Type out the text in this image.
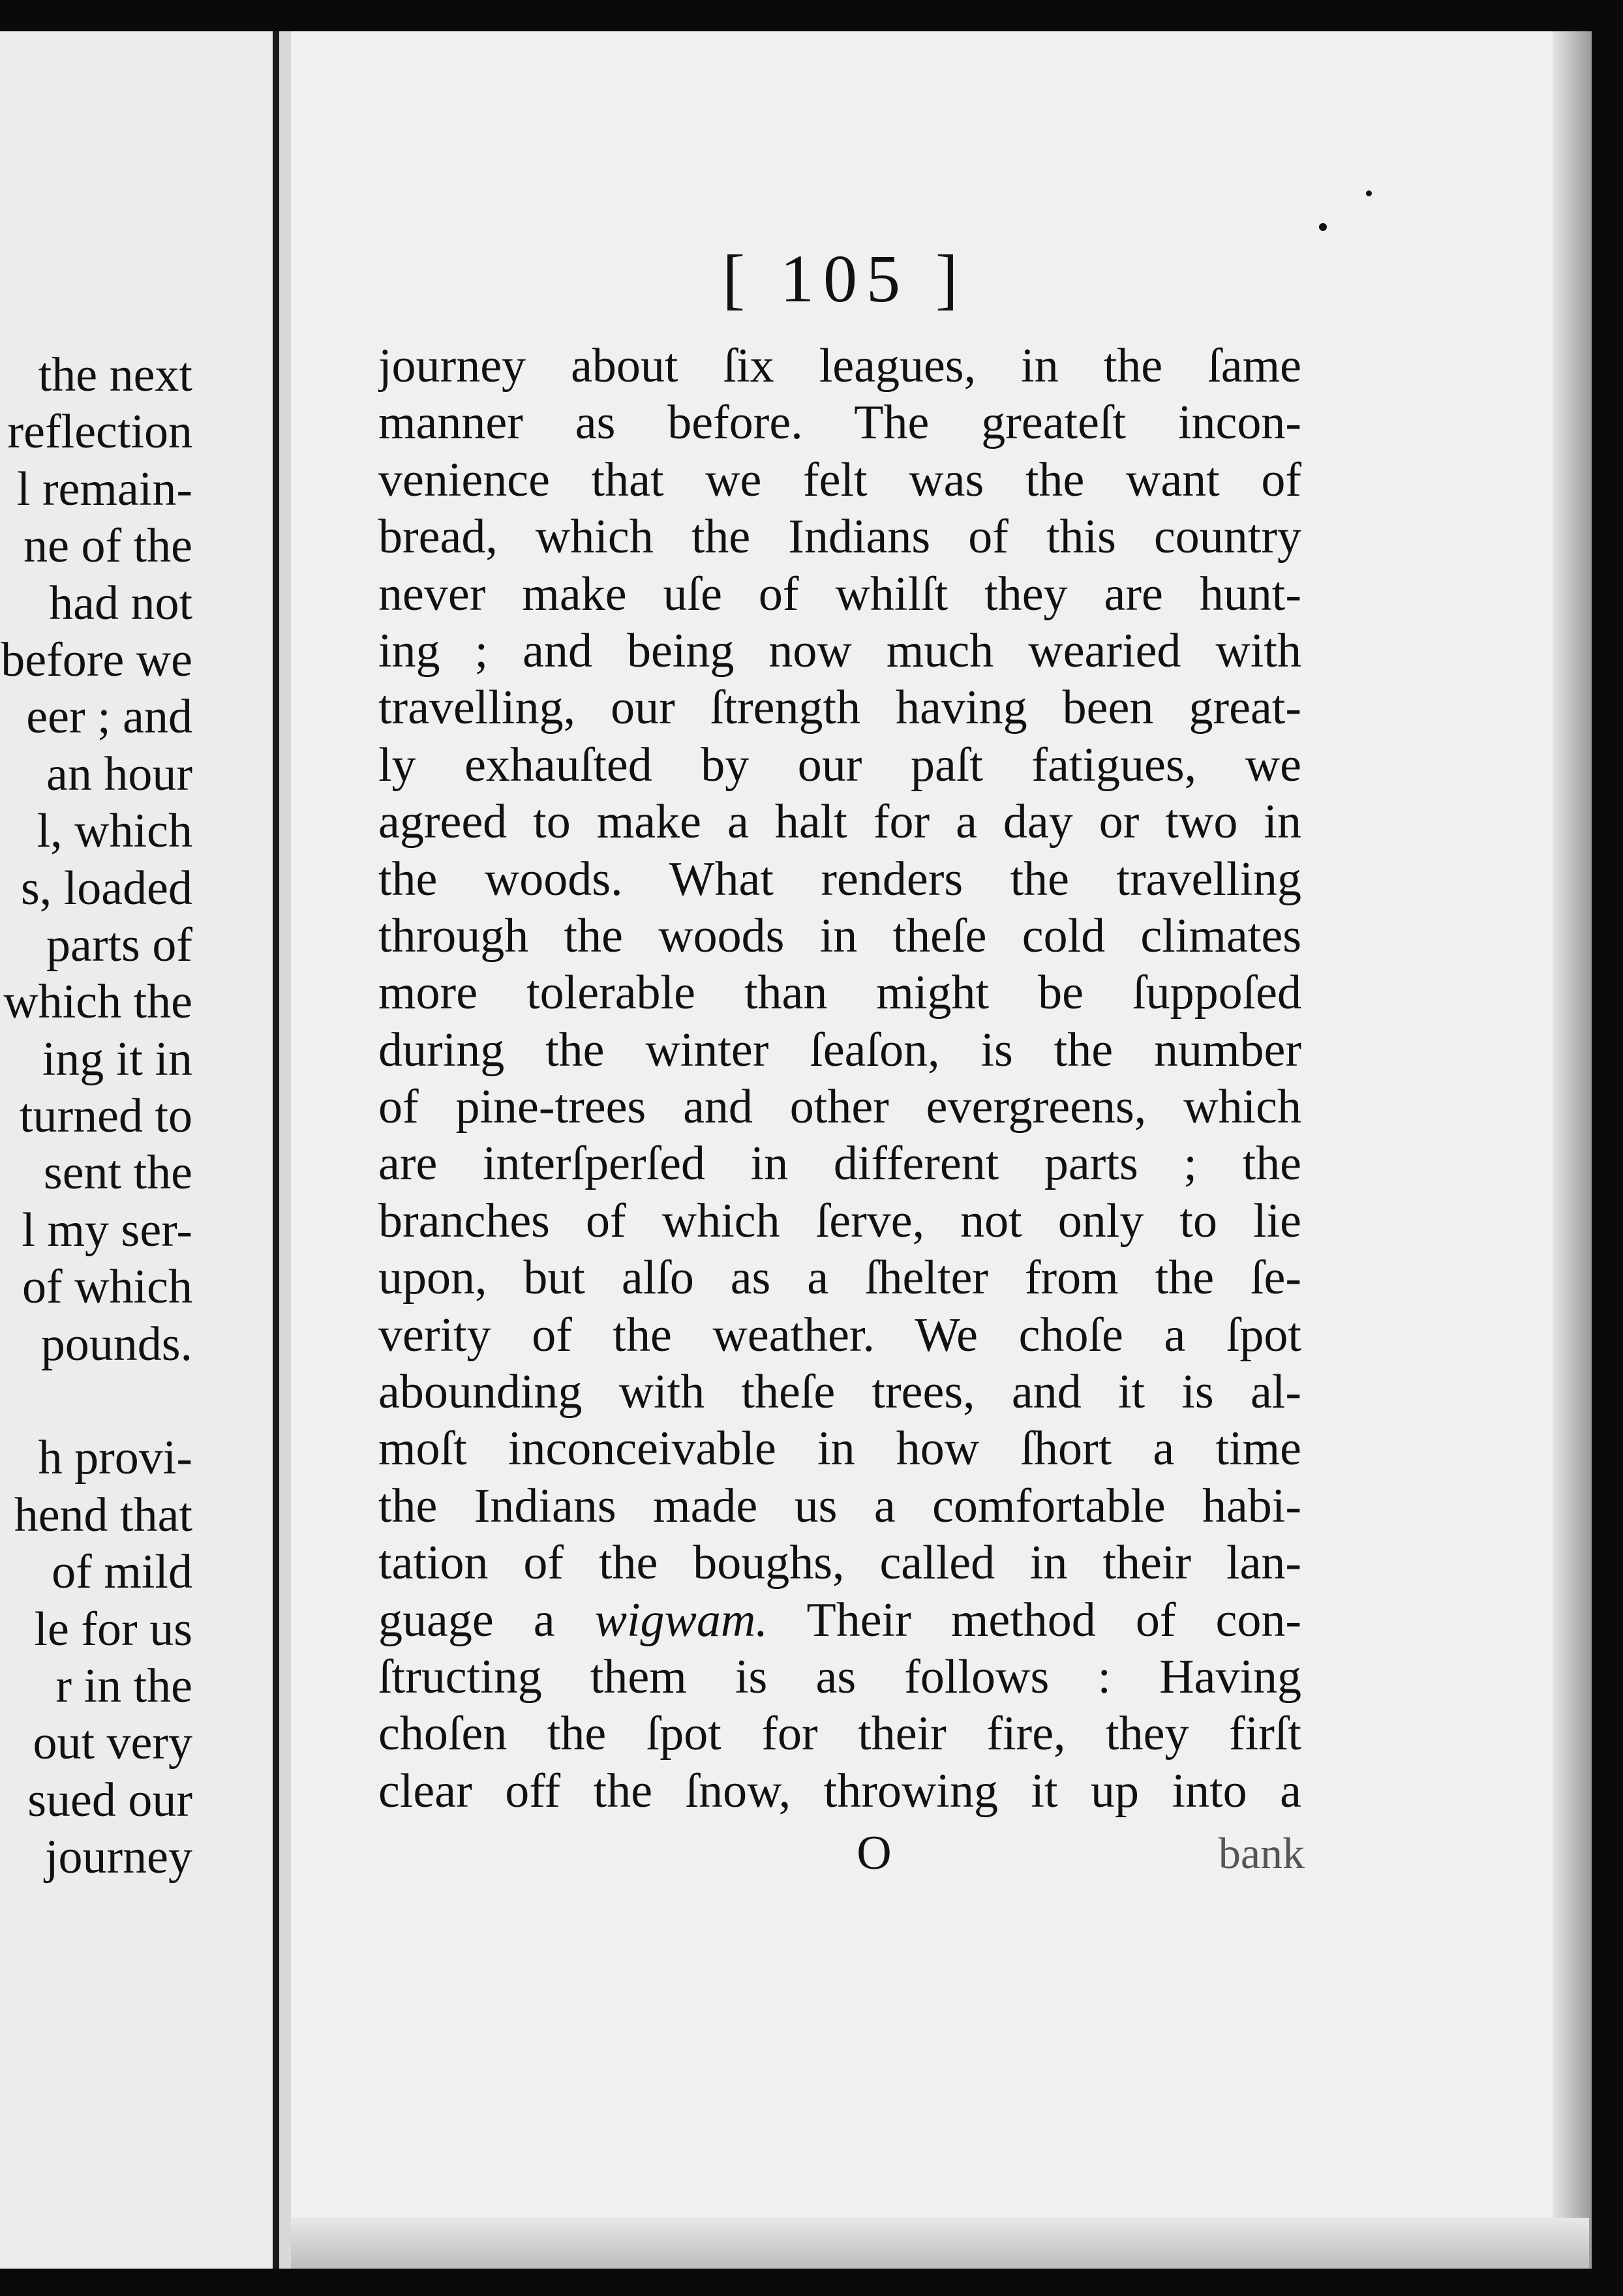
the next
reflection
l remain-
ne of the
had not
before we
eer ; and
an hour
l, which
s, loaded
parts of
which the
ing it in
turned to
sent the
l my ser-
of which
pounds.
h provi-
hend that
of mild
le for us
r in the
out very
sued our
journey
[ 105 ]
journey about ſix leagues, in the ſame
manner as before. The greateſt incon-
venience that we felt was the want of
bread, which the Indians of this country
never make uſe of whilſt they are hunt-
ing ; and being now much wearied with
travelling, our ſtrength having been great-
ly exhauſted by our paſt fatigues, we
agreed to make a halt for a day or two in
the woods. What renders the travelling
through the woods in theſe cold climates
more tolerable than might be ſuppoſed
during the winter ſeaſon, is the number
of pine-trees and other evergreens, which
are interſperſed in different parts ; the
branches of which ſerve, not only to lie
upon, but alſo as a ſhelter from the ſe-
verity of the weather. We choſe a ſpot
abounding with theſe trees, and it is al-
moſt inconceivable in how ſhort a time
the Indians made us a comfortable habi-
tation of the boughs, called in their lan-
guage a wigwam. Their method of con-
ſtructing them is as follows : Having
choſen the ſpot for their fire, they firſt
clear off the ſnow, throwing it up into a
O	bank
